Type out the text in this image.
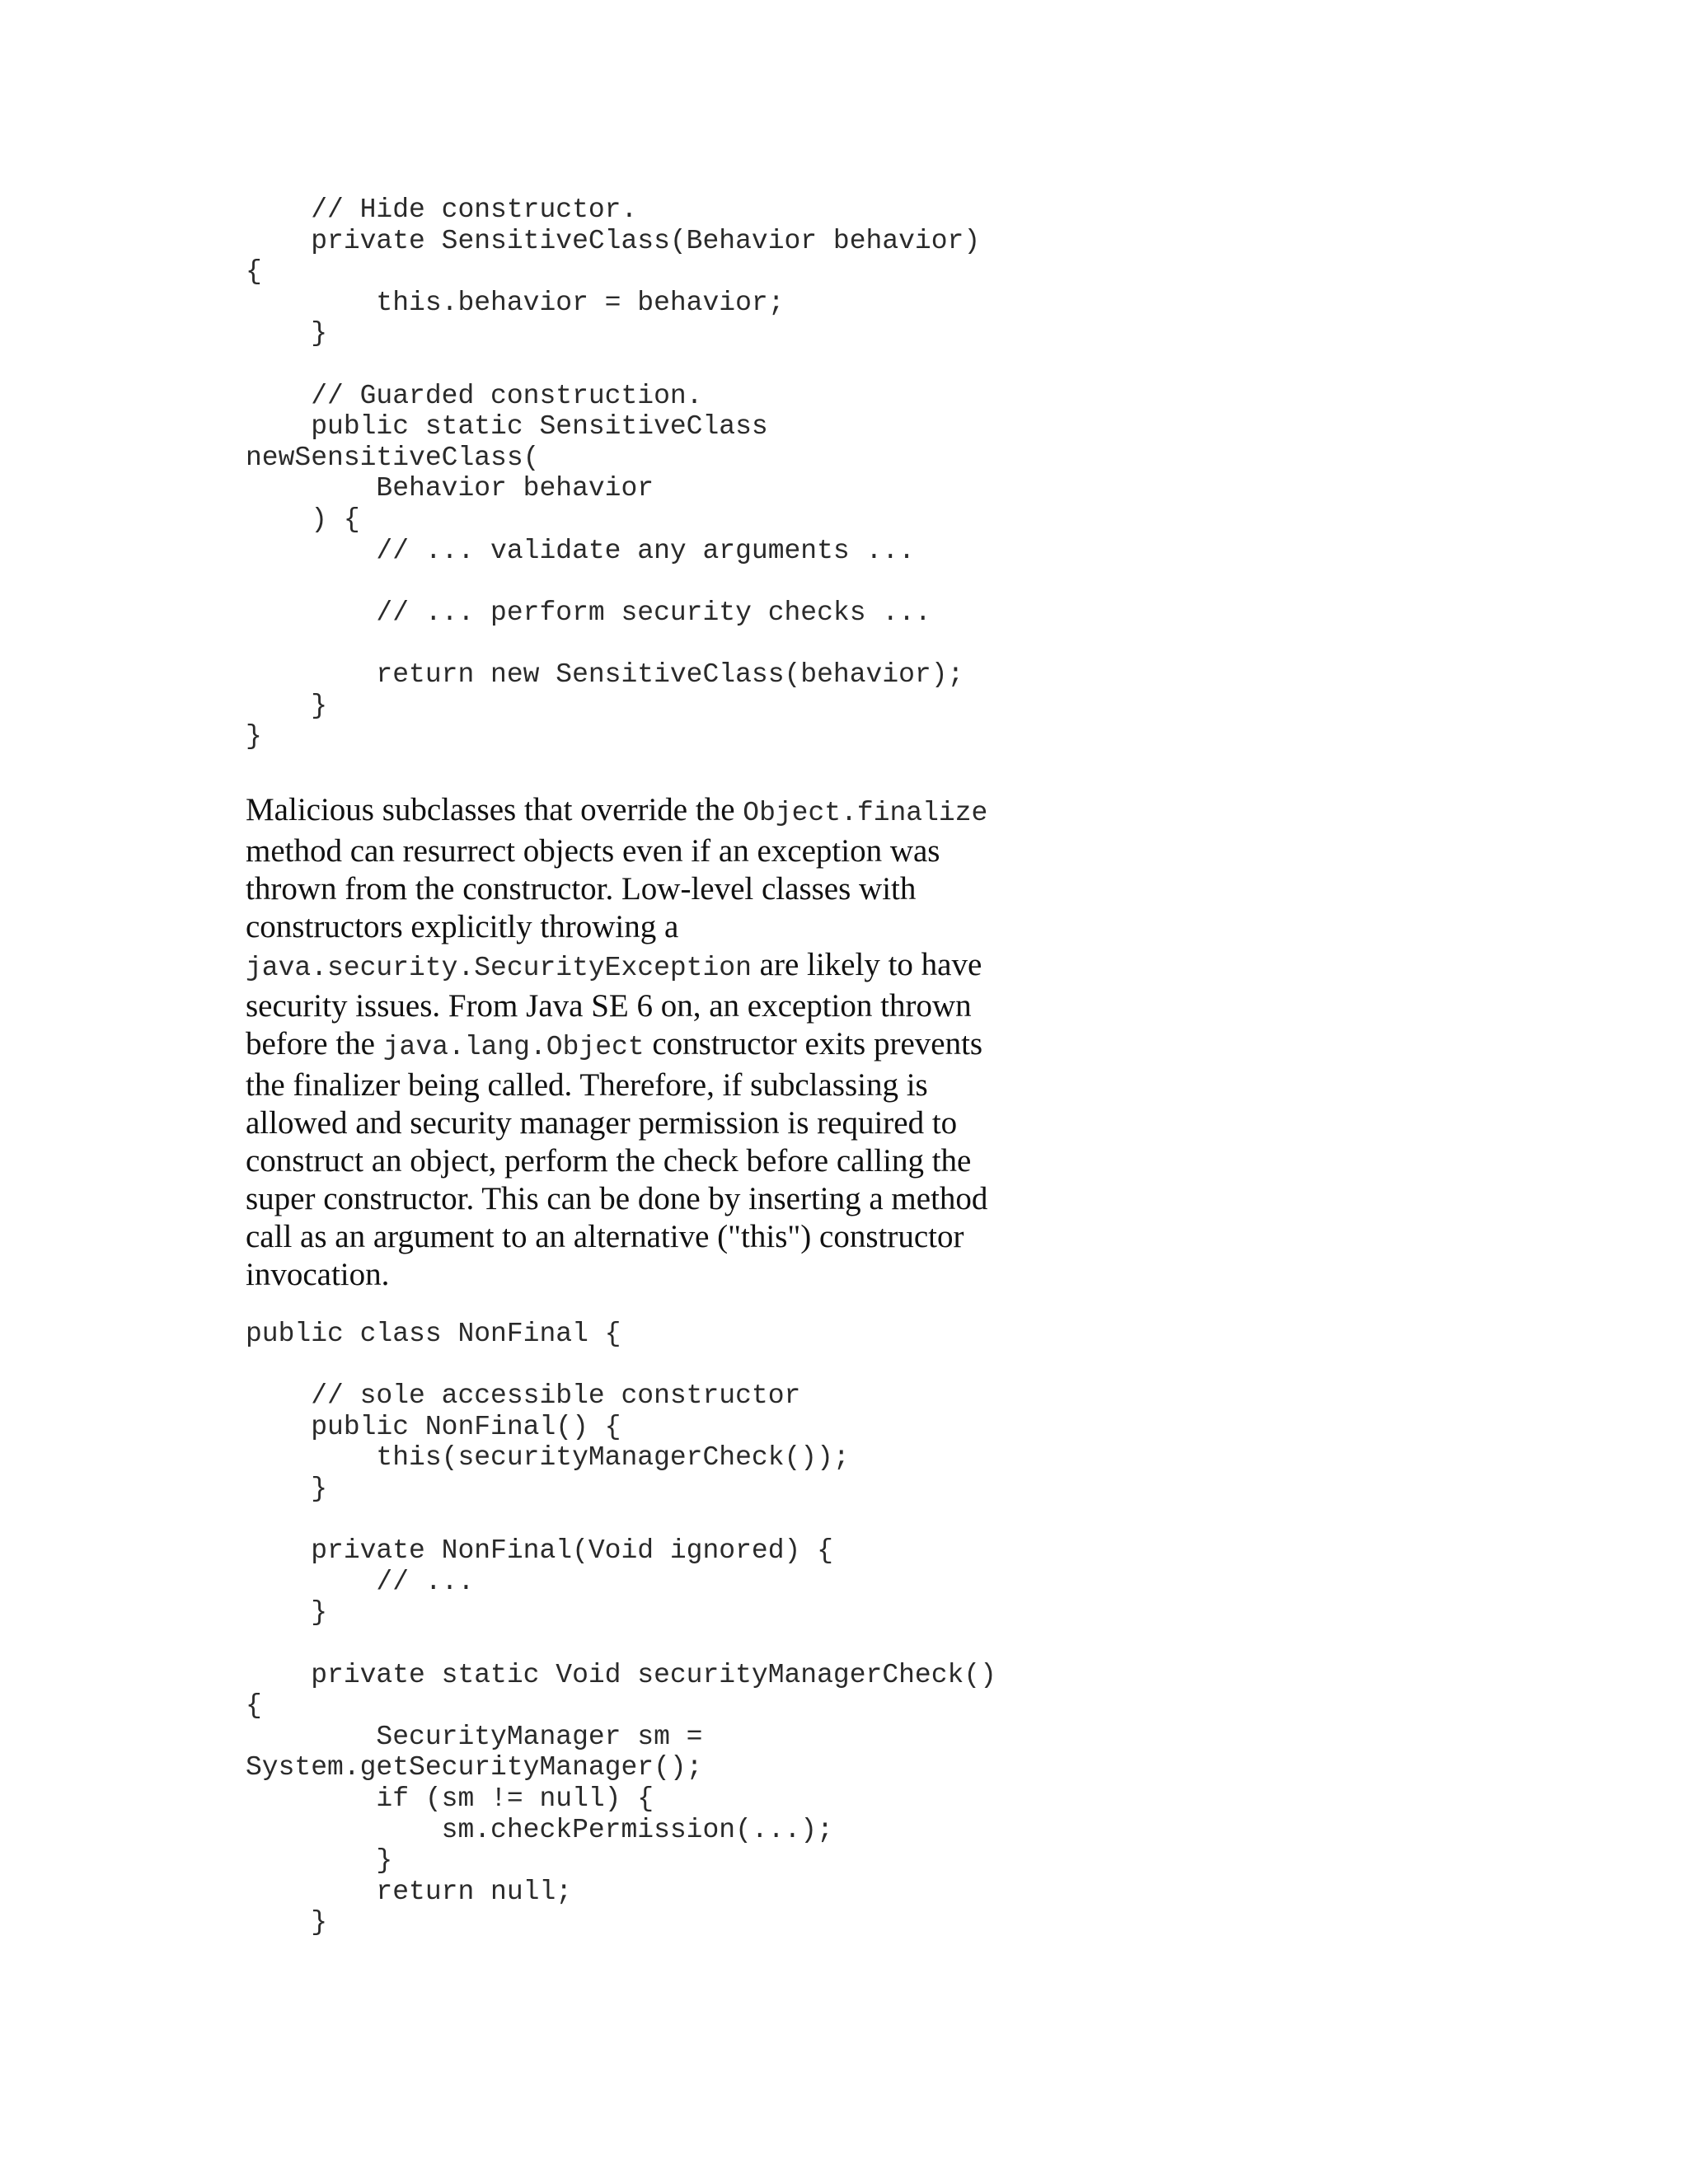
// Hide constructor.
private SensitiveClass(Behavior behavior)
{
this.behavior = behavior;
}

// Guarded construction.
public static SensitiveClass
newSensitiveClass(
Behavior behavior
) {
// ... validate any arguments ...

// ... perform security checks ...

return new SensitiveClass(behavior);
}
}

Malicious subclasses that override the Object.finalize method can resurrect objects even if an exception was thrown from the constructor. Low-level classes with constructors explicitly throwing a java.security.SecurityException are likely to have security issues. From Java SE 6 on, an exception thrown before the java.lang.Object constructor exits prevents the finalizer being called. Therefore, if subclassing is allowed and security manager permission is required to construct an object, perform the check before calling the super constructor. This can be done by inserting a method call as an argument to an alternative ("this") constructor invocation.

public class NonFinal {

// sole accessible constructor
public NonFinal() {
this(securityManagerCheck());
}

private NonFinal(Void ignored) {
// ...
}

private static Void securityManagerCheck()
{
SecurityManager sm =
System.getSecurityManager();
if (sm != null) {
sm.checkPermission(...);
}
return null;
}
